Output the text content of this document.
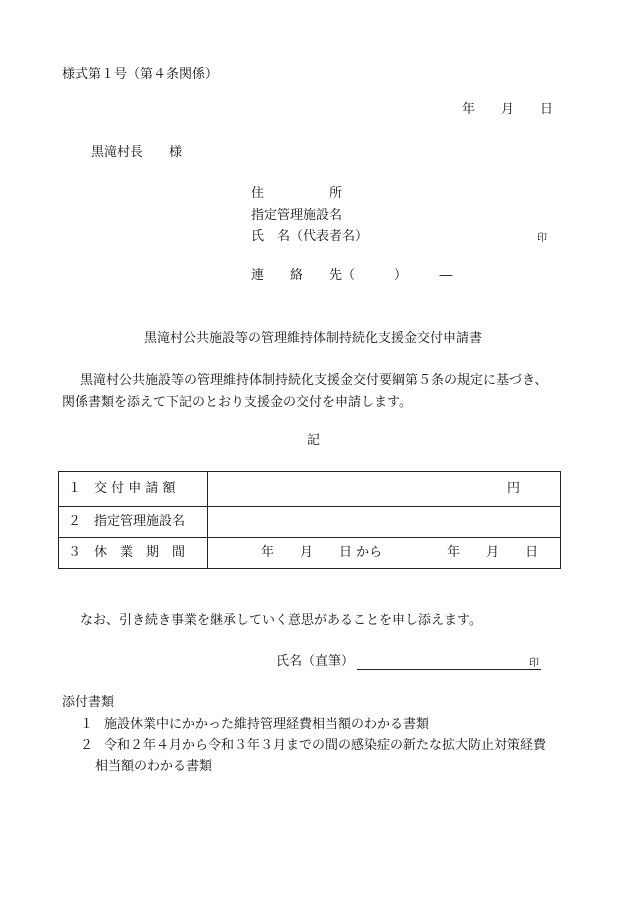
様式第１号（第４条関係）
年　　月　　日
黒滝村長　　様
住　　　　　所
指定管理施設名
氏　名（代表者名）	印
連　　絡　　先（　　　）　　　―
黒滝村公共施設等の管理維持体制持続化支援金交付申請書
黒滝村公共施設等の管理維持体制持続化支援金交付要綱第５条の規定に基づき、
関係書類を添えて下記のとおり支援金の交付を申請します。
記
１　交 付 申 請 額	円
２　指定管理施設名
３　休　業　期　間	年　　月　　日 から　　　　　年　　月　　日
なお、引き続き事業を継承していく意思があることを申し添えます。
氏名（直筆）	印
添付書類
１ 施設休業中にかかった維持管理経費相当額のわかる書類
２ 令和２年４月から令和３年３月までの間の感染症の新たな拡大防止対策経費
相当額のわかる書類
